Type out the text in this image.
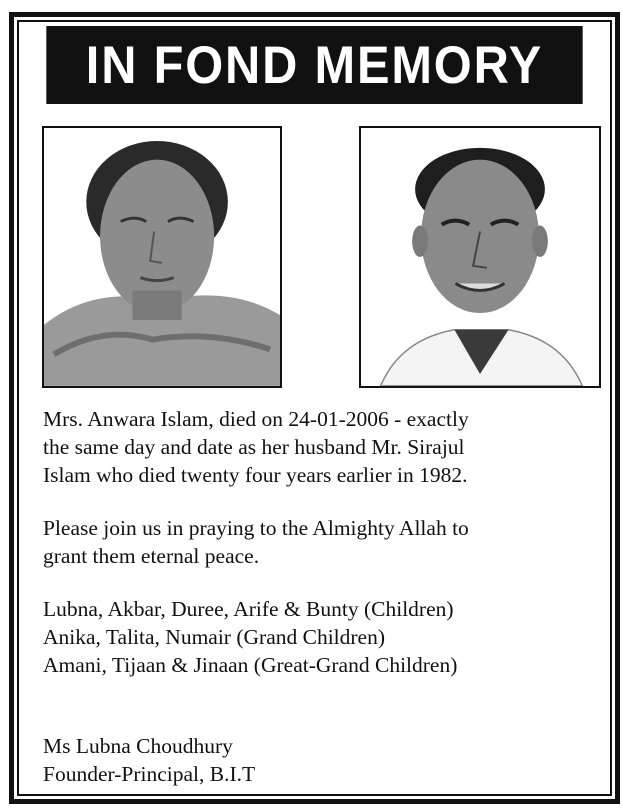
IN FOND MEMORY
Mrs. Anwara Islam, died on 24-01-2006 - exactly
the same day and date as her husband Mr. Sirajul
Islam who died twenty four years earlier in 1982.
Please join us in praying to the Almighty Allah to
grant them eternal peace.
Lubna, Akbar, Duree, Arife & Bunty (Children)
Anika, Talita, Numair (Grand Children)
Amani, Tijaan & Jinaan (Great-Grand Children)
Ms Lubna Choudhury
Founder-Principal, B.I.T
